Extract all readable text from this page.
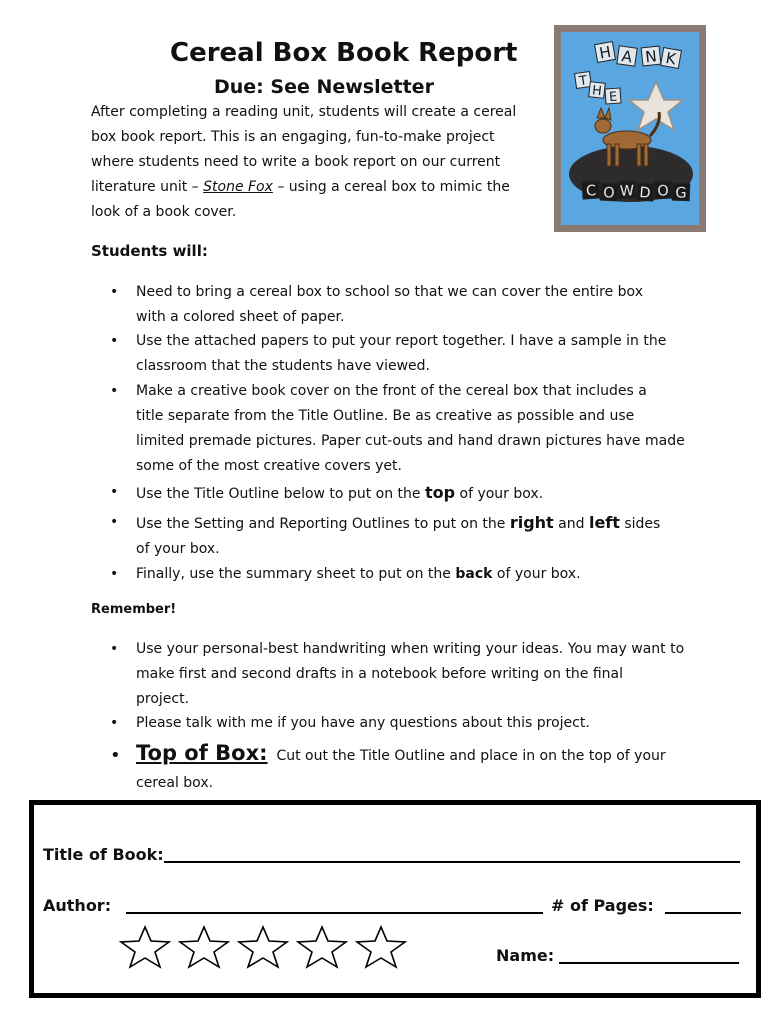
Cereal Box Book Report
Due: See Newsletter
After completing a reading unit, students will create a cereal
box book report. This is an engaging, fun-to-make project
where students need to write a book report on our current
literature unit – Stone Fox – using a cereal box to mimic the
look of a book cover.
H A N K
T
H E
C O W D O G
Students will:
• Need to bring a cereal box to school so that we can cover the entire box
with a colored sheet of paper.
• Use the attached papers to put your report together. I have a sample in the
classroom that the students have viewed.
• Make a creative book cover on the front of the cereal box that includes a
title separate from the Title Outline. Be as creative as possible and use
limited premade pictures. Paper cut-outs and hand drawn pictures have made
some of the most creative covers yet.
• Use the Title Outline below to put on the top of your box.
• Use the Setting and Reporting Outlines to put on the right and left sides
of your box.
• Finally, use the summary sheet to put on the back of your box.
Remember!
• Use your personal-best handwriting when writing your ideas. You may want to
make first and second drafts in a notebook before writing on the final
project.
• Please talk with me if you have any questions about this project.
• Top of Box: Cut out the Title Outline and place in on the top of your
cereal box.
Title of Book:
Author:	# of Pages:
Name:
